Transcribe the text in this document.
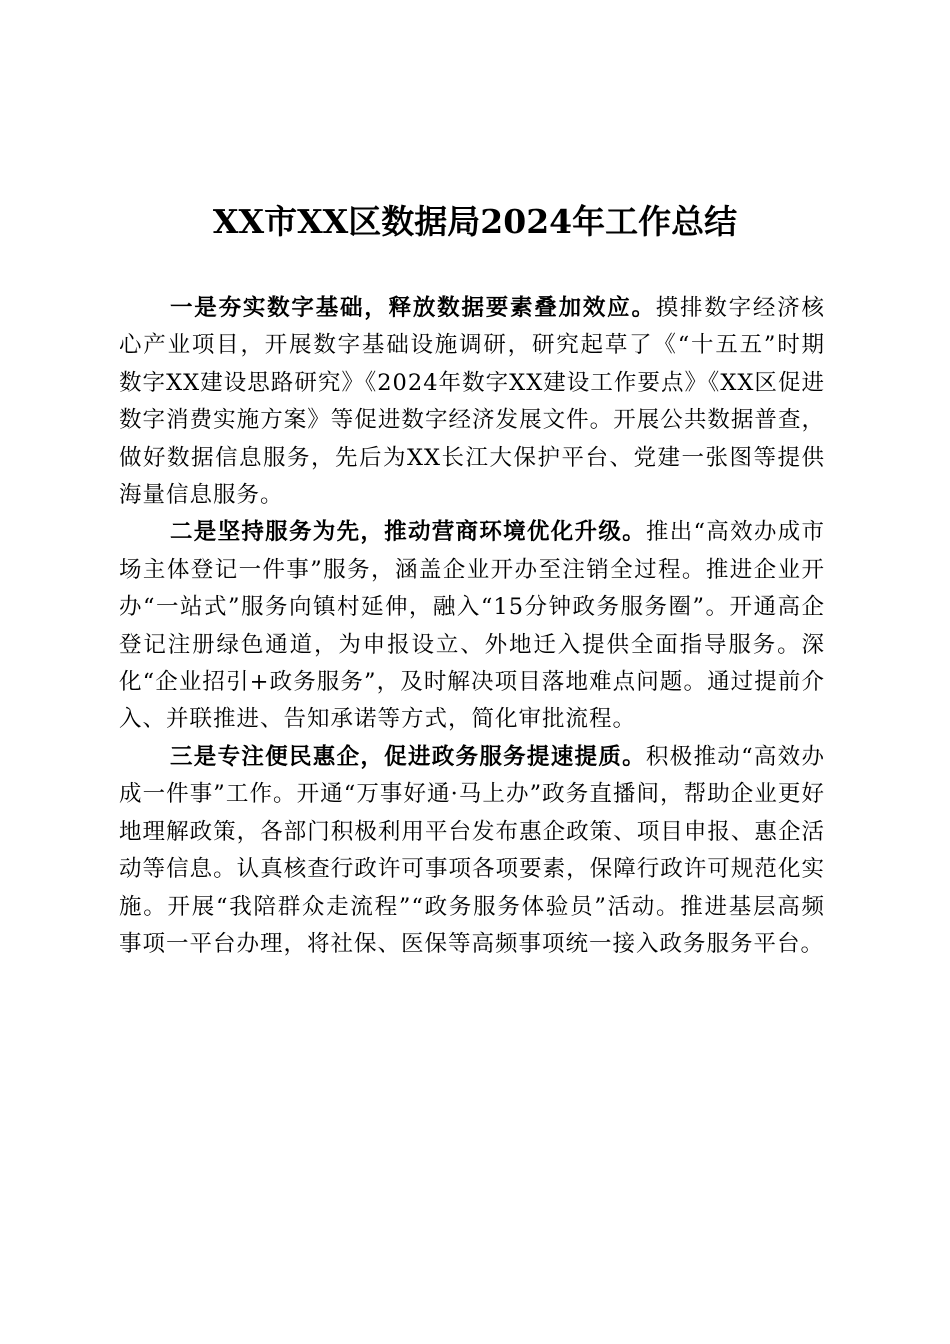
XX市XX区数据局2024年工作总结

一是夯实数字基础，释放数据要素叠加效应。摸排数字经济核心产业项目，开展数字基础设施调研，研究起草了《“十五五”时期数字XX建设思路研究》《2024年数字XX建设工作要点》《XX区促进数字消费实施方案》等促进数字经济发展文件。开展公共数据普查，做好数据信息服务，先后为XX长江大保护平台、党建一张图等提供海量信息服务。

二是坚持服务为先，推动营商环境优化升级。推出“高效办成市场主体登记一件事”服务，涵盖企业开办至注销全过程。推进企业开办“一站式”服务向镇村延伸，融入“15分钟政务服务圈”。开通高企登记注册绿色通道，为申报设立、外地迁入提供全面指导服务。深化“企业招引+政务服务”，及时解决项目落地难点问题。通过提前介入、并联推进、告知承诺等方式，简化审批流程。

三是专注便民惠企，促进政务服务提速提质。积极推动“高效办成一件事”工作。开通“万事好通·马上办”政务直播间，帮助企业更好地理解政策，各部门积极利用平台发布惠企政策、项目申报、惠企活动等信息。认真核查行政许可事项各项要素，保障行政许可规范化实施。开展“我陪群众走流程”“政务服务体验员”活动。推进基层高频事项一平台办理，将社保、医保等高频事项统一接入政务服务平台。
